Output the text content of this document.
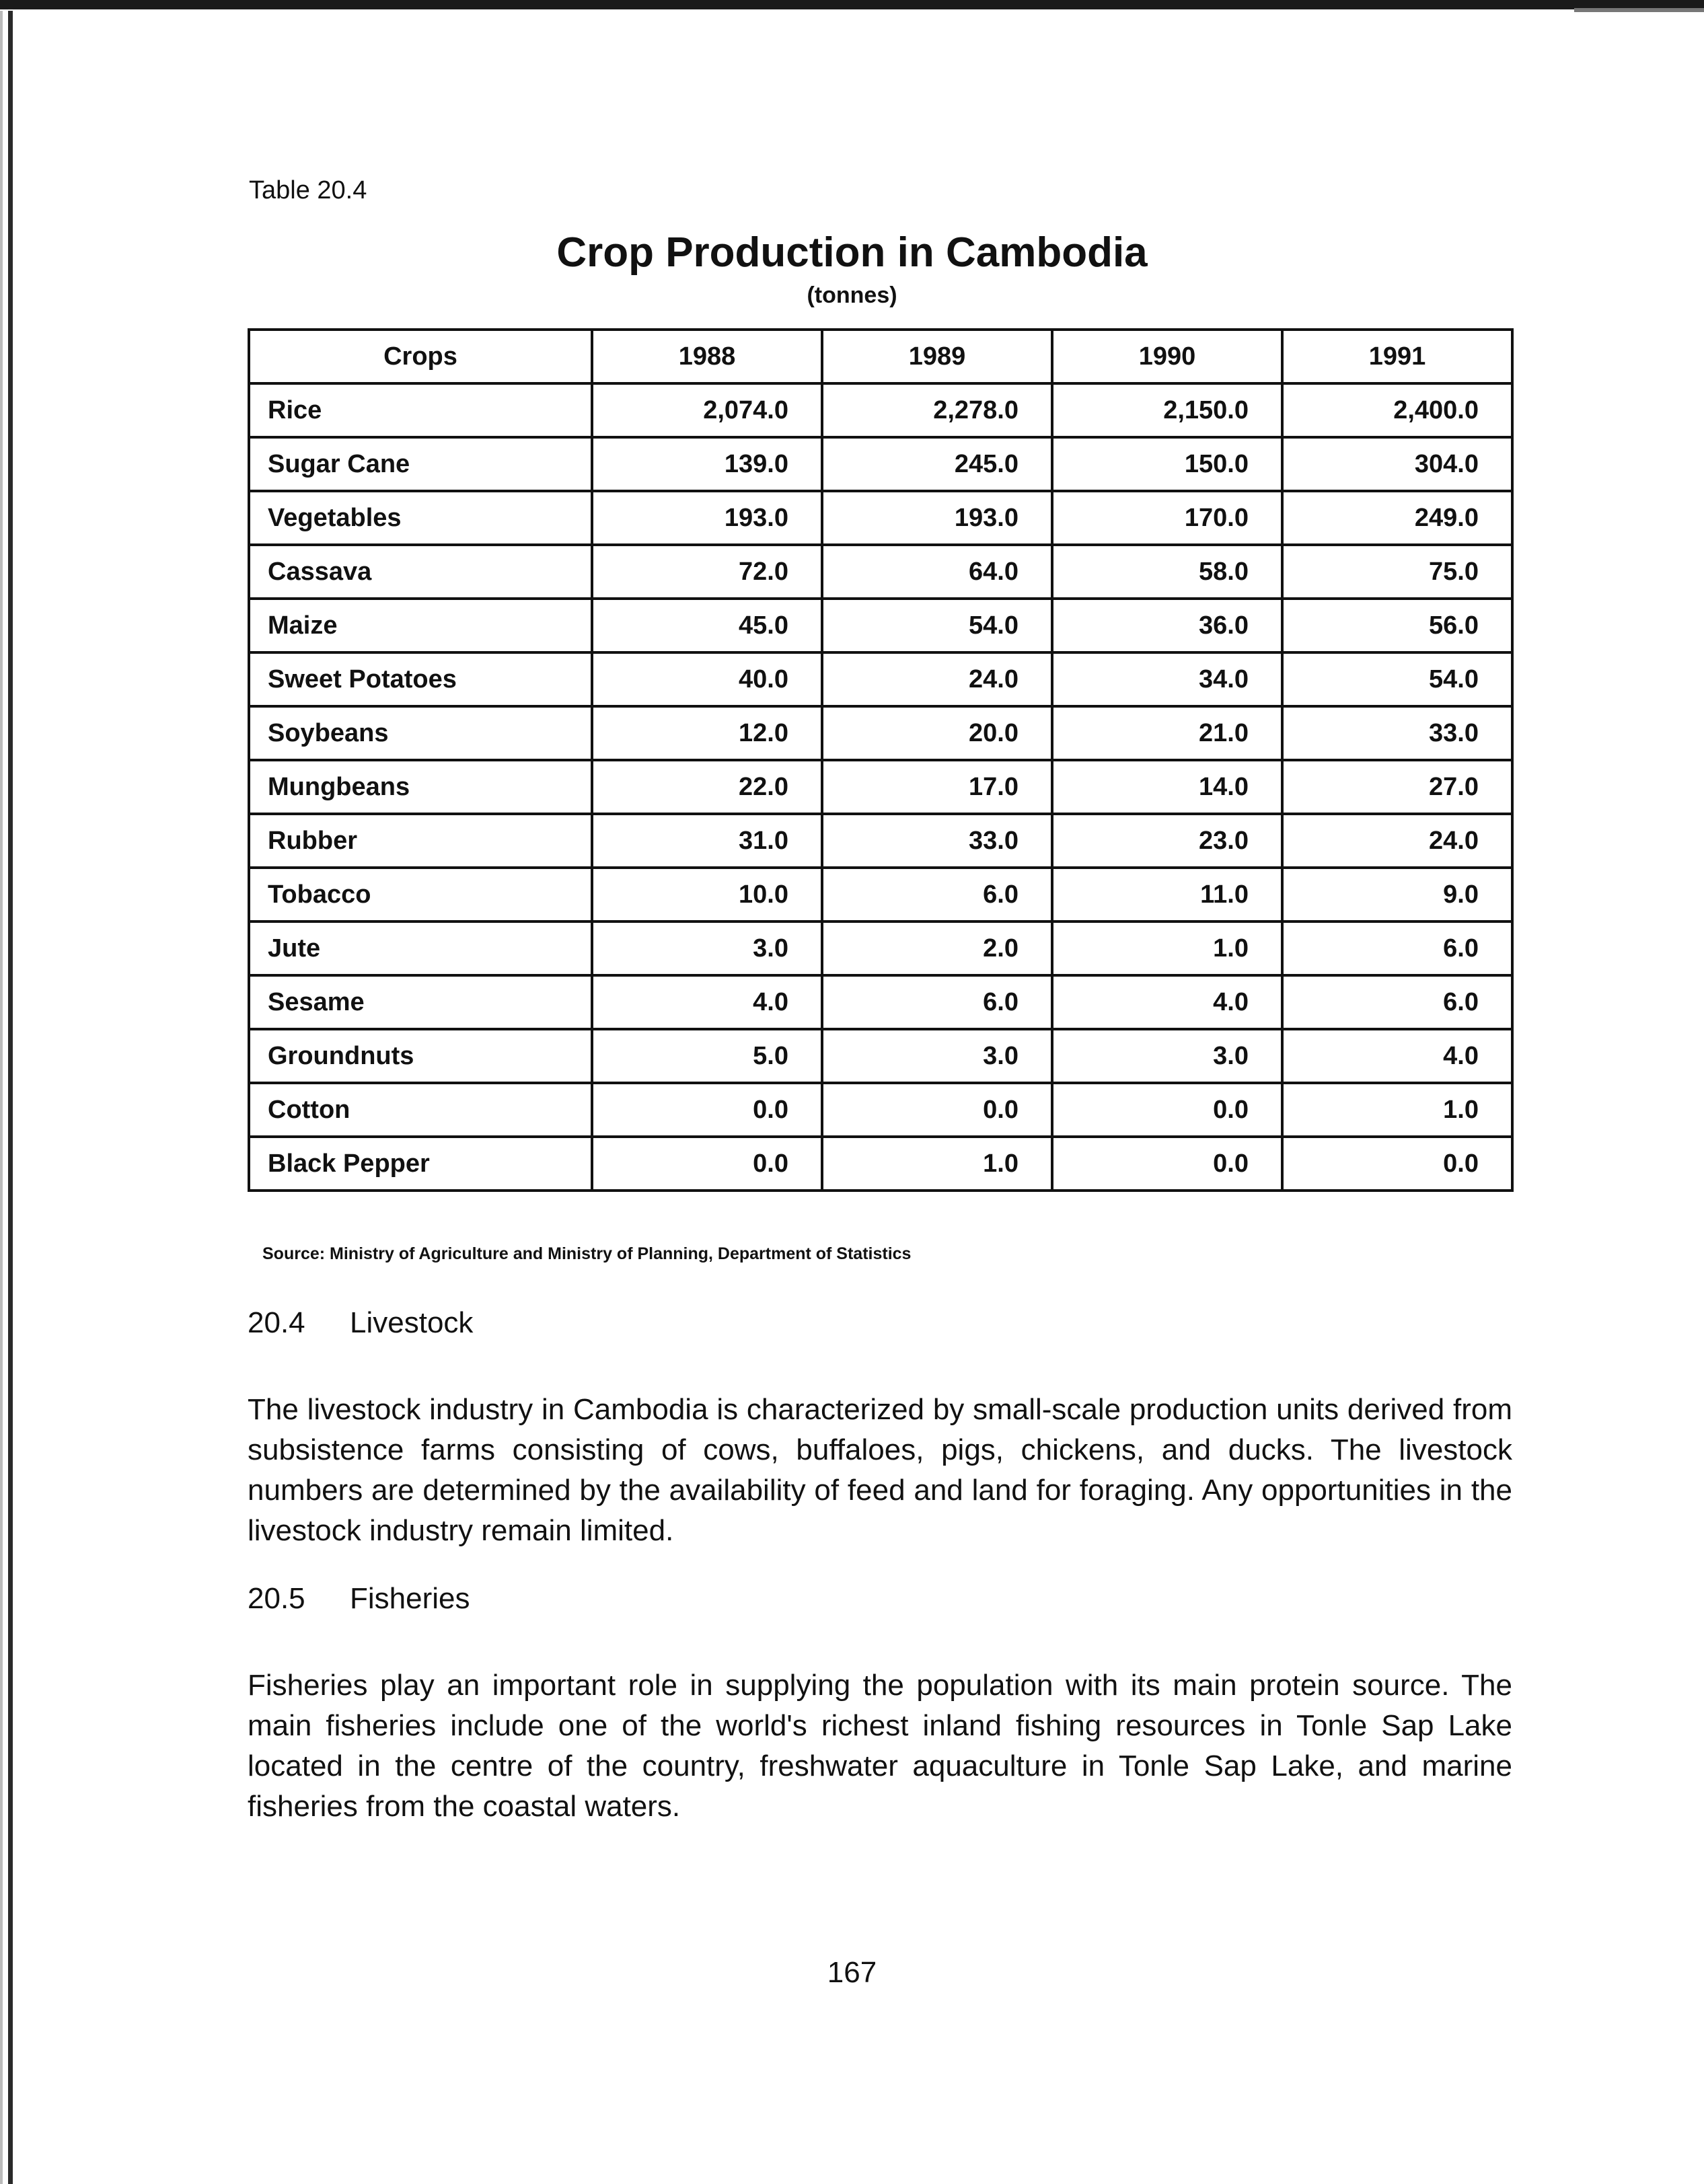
Table 20.4
Crop Production in Cambodia
(tonnes)
Crops	1988	1989	1990	1991
Rice	2,074.0	2,278.0	2,150.0	2,400.0
Sugar Cane	139.0	245.0	150.0	304.0
Vegetables	193.0	193.0	170.0	249.0
Cassava	72.0	64.0	58.0	75.0
Maize	45.0	54.0	36.0	56.0
Sweet Potatoes	40.0	24.0	34.0	54.0
Soybeans	12.0	20.0	21.0	33.0
Mungbeans	22.0	17.0	14.0	27.0
Rubber	31.0	33.0	23.0	24.0
Tobacco	10.0	6.0	11.0	9.0
Jute	3.0	2.0	1.0	6.0
Sesame	4.0	6.0	4.0	6.0
Groundnuts	5.0	3.0	3.0	4.0
Cotton	0.0	0.0	0.0	1.0
Black Pepper	0.0	1.0	0.0	0.0
Source: Ministry of Agriculture and Ministry of Planning, Department of Statistics
20.4 Livestock
The livestock industry in Cambodia is characterized by small-scale production units derived from subsistence farms consisting of cows, buffaloes, pigs, chickens, and ducks. The livestock numbers are determined by the availability of feed and land for foraging. Any opportunities in the livestock industry remain limited.
20.5 Fisheries
Fisheries play an important role in supplying the population with its main protein source. The main fisheries include one of the world's richest inland fishing resources in Tonle Sap Lake located in the centre of the country, freshwater aquaculture in Tonle Sap Lake, and marine fisheries from the coastal waters.
167
